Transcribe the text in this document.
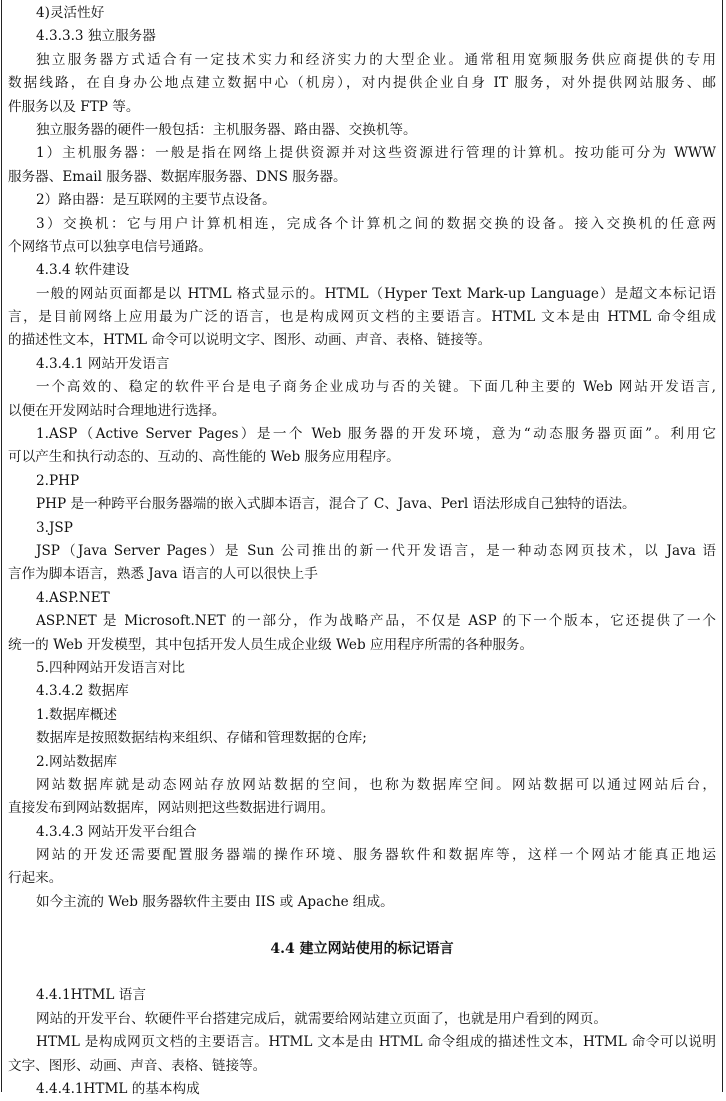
4)灵活性好
4.3.3.3 独立服务器
独立服务器方式适合有一定技术实力和经济实力的大型企业。通常租用宽频服务供应商提供的专用
数据线路，在自身办公地点建立数据中心（机房），对内提供企业自身 IT 服务，对外提供网站服务、邮
件服务以及 FTP 等。
独立服务器的硬件一般包括：主机服务器、路由器、交换机等。
1）主机服务器：一般是指在网络上提供资源并对这些资源进行管理的计算机。按功能可分为 WWW
服务器、Email 服务器、数据库服务器、DNS 服务器。
2）路由器：是互联网的主要节点设备。
3）交换机：它与用户计算机相连，完成各个计算机之间的数据交换的设备。接入交换机的任意两
个网络节点可以独享电信号通路。
4.3.4 软件建设
一般的网站页面都是以 HTML 格式显示的。HTML（Hyper Text Mark-up Language）是超文本标记语
言，是目前网络上应用最为广泛的语言，也是构成网页文档的主要语言。HTML 文本是由 HTML 命令组成
的描述性文本，HTML 命令可以说明文字、图形、动画、声音、表格、链接等。
4.3.4.1 网站开发语言
一个高效的、稳定的软件平台是电子商务企业成功与否的关键。下面几种主要的 Web 网站开发语言,
以便在开发网站时合理地进行选择。
1.ASP（Active Server Pages）是一个 Web 服务器的开发环境，意为“动态服务器页面”。利用它
可以产生和执行动态的、互动的、高性能的 Web 服务应用程序。
2.PHP
PHP 是一种跨平台服务器端的嵌入式脚本语言，混合了 C、Java、Perl 语法形成自己独特的语法。
3.JSP
JSP（Java Server Pages）是 Sun 公司推出的新一代开发语言，是一种动态网页技术，以 Java 语
言作为脚本语言，熟悉 Java 语言的人可以很快上手
4.ASP.NET
ASP.NET 是 Microsoft.NET 的一部分，作为战略产品，不仅是 ASP 的下一个版本，它还提供了一个
统一的 Web 开发模型，其中包括开发人员生成企业级 Web 应用程序所需的各种服务。
5.四种网站开发语言对比
4.3.4.2 数据库
1.数据库概述
数据库是按照数据结构来组织、存储和管理数据的仓库;
2.网站数据库
网站数据库就是动态网站存放网站数据的空间，也称为数据库空间。网站数据可以通过网站后台，
直接发布到网站数据库，网站则把这些数据进行调用。
4.3.4.3 网站开发平台组合
网站的开发还需要配置服务器端的操作环境、服务器软件和数据库等，这样一个网站才能真正地运
行起来。
如今主流的 Web 服务器软件主要由 IIS 或 Apache 组成。
4.4 建立网站使用的标记语言
4.4.1HTML 语言
网站的开发平台、软硬件平台搭建完成后，就需要给网站建立页面了，也就是用户看到的网页。
HTML 是构成网页文档的主要语言。HTML 文本是由 HTML 命令组成的描述性文本，HTML 命令可以说明
文字、图形、动画、声音、表格、链接等。
4.4.4.1HTML 的基本构成
